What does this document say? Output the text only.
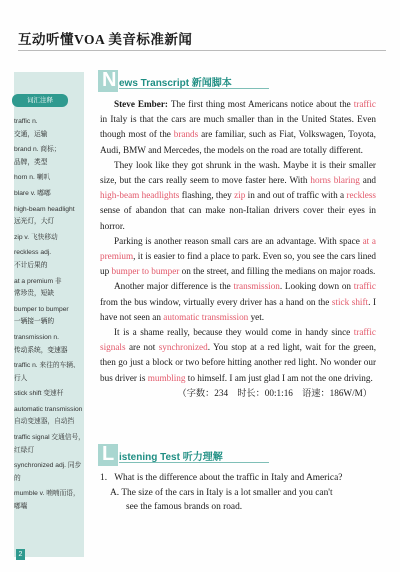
互动听懂VOA 美音标准新闻
词汇注释

traffic n.
交通，运输

brand n. 商标；
品牌，类型

horn n. 喇叭

blare v. 嘟嘟

high-beam headlight
远光灯，大灯

zip v. 飞快移动

reckless adj.
不计后果的

at a premium 非
常珍贵，短缺

bumper to bumper
一辆接一辆的

transmission n.
传动系统，变速器

traffic n. 来往的车辆、行人

stick shift 变速杆

automatic transmission 自动变速器，自动挡

traffic signal 交通信号，红绿灯

synchronized adj. 同步的

mumble v. 喃喃而语，嘟囔

N ews Transcript 新闻脚本

Steve Ember: The first thing most Americans notice about the traffic in Italy is that the cars are much smaller than in the United States. Even though most of the brands are familiar, such as Fiat, Volkswagen, Toyota, Audi, BMW and Mercedes, the models on the road are totally different.

They look like they got shrunk in the wash. Maybe it is their smaller size, but the cars really seem to move faster here. With horns blaring and high-beam headlights flashing, they zip in and out of traffic with a reckless sense of abandon that can make non-Italian drivers cover their eyes in horror.

Parking is another reason small cars are an advantage. With space at a premium, it is easier to find a place to park. Even so, you see the cars lined up bumper to bumper on the street, and filling the medians on major roads.

Another major difference is the transmission. Looking down on traffic from the bus window, virtually every driver has a hand on the stick shift. I have not seen an automatic transmission yet.

It is a shame really, because they would come in handy since traffic signals are not synchronized. You stop at a red light, wait for the green, then go just a block or two before hitting another red light. No wonder our bus driver is mumbling to himself. I am just glad I am not the one driving.

（字数：234　时长：00:1:16　语速：186W/M）

L istening Test 听力理解

1. What is the difference about the traffic in Italy and America?

A. The size of the cars in Italy is a lot smaller and you can't

see the famous brands on road.

2
